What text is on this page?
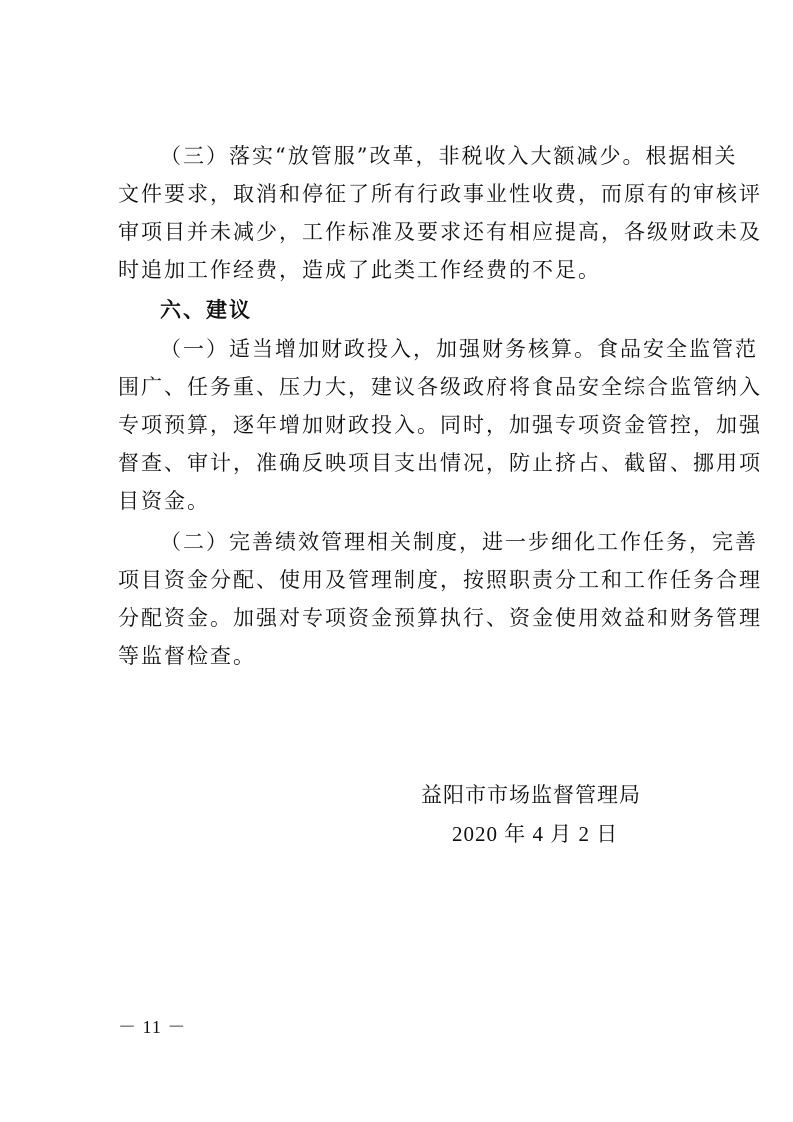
（三）落实“放管服”改革，非税收入大额减少。根据相关
文件要求，取消和停征了所有行政事业性收费，而原有的审核评
审项目并未减少，工作标准及要求还有相应提高，各级财政未及
时追加工作经费，造成了此类工作经费的不足。
六、建议
（一）适当增加财政投入，加强财务核算。食品安全监管范
围广、任务重、压力大，建议各级政府将食品安全综合监管纳入
专项预算，逐年增加财政投入。同时，加强专项资金管控，加强
督查、审计，准确反映项目支出情况，防止挤占、截留、挪用项
目资金。
（二）完善绩效管理相关制度，进一步细化工作任务，完善
项目资金分配、使用及管理制度，按照职责分工和工作任务合理
分配资金。加强对专项资金预算执行、资金使用效益和财务管理
等监督检查。
益阳市市场监督管理局
2020 年 4 月 2 日
－ 11 －
